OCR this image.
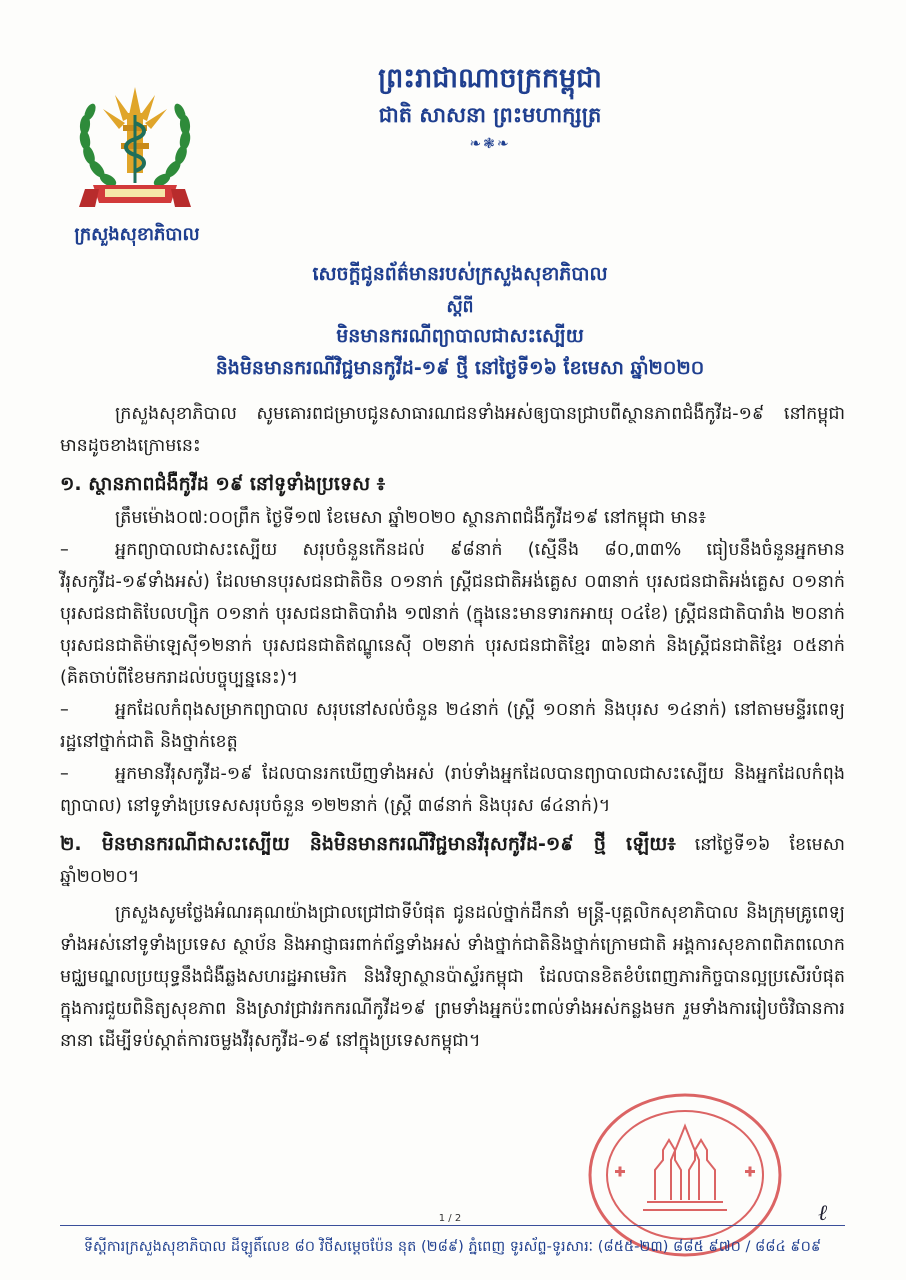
ក្រសួងសុខាភិបាល
ព្រះរាជាណាចក្រកម្ពុជា
ជាតិ សាសនា ព្រះមហាក្សត្រ
❧❃❧
សេចក្តីជូនព័ត៌មានរបស់ក្រសួងសុខាភិបាល
ស្តីពី
មិនមានករណីព្យាបាលជាសះស្បើយ
និងមិនមានករណីវិជ្ជមានកូវីដ-១៩ ថ្មី នៅថ្ងៃទី១៦ ខែមេសា ឆ្នាំ២០២០

ក្រសួងសុខាភិបាល សូមគោរពជម្រាបជូនសាធារណជនទាំងអស់ឲ្យបានជ្រាបពីស្ថានភាពជំងឺកូវីដ-១៩ នៅកម្ពុជា មានដូចខាងក្រោមនេះ

១. ស្ថានភាពជំងឺកូវីដ ១៩ នៅទូទាំងប្រទេស ៖

ត្រឹមម៉ោង០៧:០០ព្រឹក ថ្ងៃទី១៧ ខែមេសា ឆ្នាំ២០២០ ស្ថានភាពជំងឺកូវីដ១៩ នៅកម្ពុជា មាន៖

–	អ្នកព្យាបាលជាសះស្បើយ សរុបចំនួនកើនដល់ ៩៨នាក់ (ស្មើនឹង ៨០,៣៣% ធៀបនឹងចំនួនអ្នកមានវីរុសកូវីដ-១៩ទាំងអស់) ដែលមានបុរសជនជាតិចិន ០១នាក់ ស្ត្រីជនជាតិអង់គ្លេស ០៣នាក់ បុរសជនជាតិអង់គ្លេស ០១នាក់ បុរសជនជាតិបែលហ្ស៊ិក ០១នាក់ បុរសជនជាតិបារាំង ១៧នាក់ (ក្នុងនេះមានទារកអាយុ ០៤ខែ) ស្ត្រីជនជាតិបារាំង ២០នាក់ បុរសជនជាតិម៉ាឡេស៊ី១២នាក់ បុរសជនជាតិឥណ្ឌូនេស៊ី ០២នាក់ បុរសជនជាតិខ្មែរ ៣៦នាក់ និងស្ត្រីជនជាតិខ្មែរ ០៥នាក់ (គិតចាប់ពីខែមករាដល់បច្ចុប្បន្ននេះ)។

–	អ្នកដែលកំពុងសម្រាកព្យាបាល សរុបនៅសល់ចំនួន ២៤នាក់ (ស្ត្រី ១០នាក់ និងបុរស ១៤នាក់) នៅតាមមន្ទីរពេទ្យរដ្ឋនៅថ្នាក់ជាតិ និងថ្នាក់ខេត្ត

–	អ្នកមានវីរុសកូវីដ-១៩ ដែលបានរកឃើញទាំងអស់ (រាប់ទាំងអ្នកដែលបានព្យាបាលជាសះស្បើយ និងអ្នកដែលកំពុងព្យាបាល) នៅទូទាំងប្រទេសសរុបចំនួន ១២២នាក់ (ស្ត្រី ៣៨នាក់ និងបុរស ៨៤នាក់)។

២. មិនមានករណីជាសះស្បើយ និងមិនមានករណីវិជ្ជមានវីរុសកូវីដ-១៩ ថ្មី ឡើយ៖ នៅថ្ងៃទី១៦ ខែមេសា ឆ្នាំ២០២០។

ក្រសួងសូមថ្លែងអំណរគុណយ៉ាងជ្រាលជ្រៅជាទីបំផុត ជូនដល់ថ្នាក់ដឹកនាំ មន្ត្រី-បុគ្គលិកសុខាភិបាល និងក្រុមគ្រូពេទ្យទាំងអស់នៅទូទាំងប្រទេស ស្ថាប័ន និងអាជ្ញាធរពាក់ព័ន្ធទាំងអស់ ទាំងថ្នាក់ជាតិនិងថ្នាក់ក្រោមជាតិ អង្គការសុខភាពពិភពលោក មជ្ឈមណ្ឌលប្រយុទ្ធនឹងជំងឺឆ្លងសហរដ្ឋអាមេរិក និងវិទ្យាស្ថានប៉ាស្ទ័រកម្ពុជា ដែលបានខិតខំបំពេញភារកិច្ចបានល្អប្រសើរបំផុត ក្នុងការជួយពិនិត្យសុខភាព និងស្រាវជ្រាវរកករណីកូវីដ១៩ ព្រមទាំងអ្នកប៉ះពាល់ទាំងអស់កន្លងមក រួមទាំងការរៀបចំវិធានការនានា ដើម្បីទប់ស្កាត់ការចម្លងវីរុសកូវីដ-១៩ នៅក្នុងប្រទេសកម្ពុជា។

1 / 2	ℓ
ទីស្តីការក្រសួងសុខាភិបាល ដីឡូតិ៍លេខ ៨០ វិថីសម្តេចប៉ែន នុត (២៨៩) ភ្នំពេញ ទូរស័ព្ទ-ទូរសារៈ (៨៥៥-២៣) ៨៨៥ ៩៧០ / ៨៨៤ ៩០៩
